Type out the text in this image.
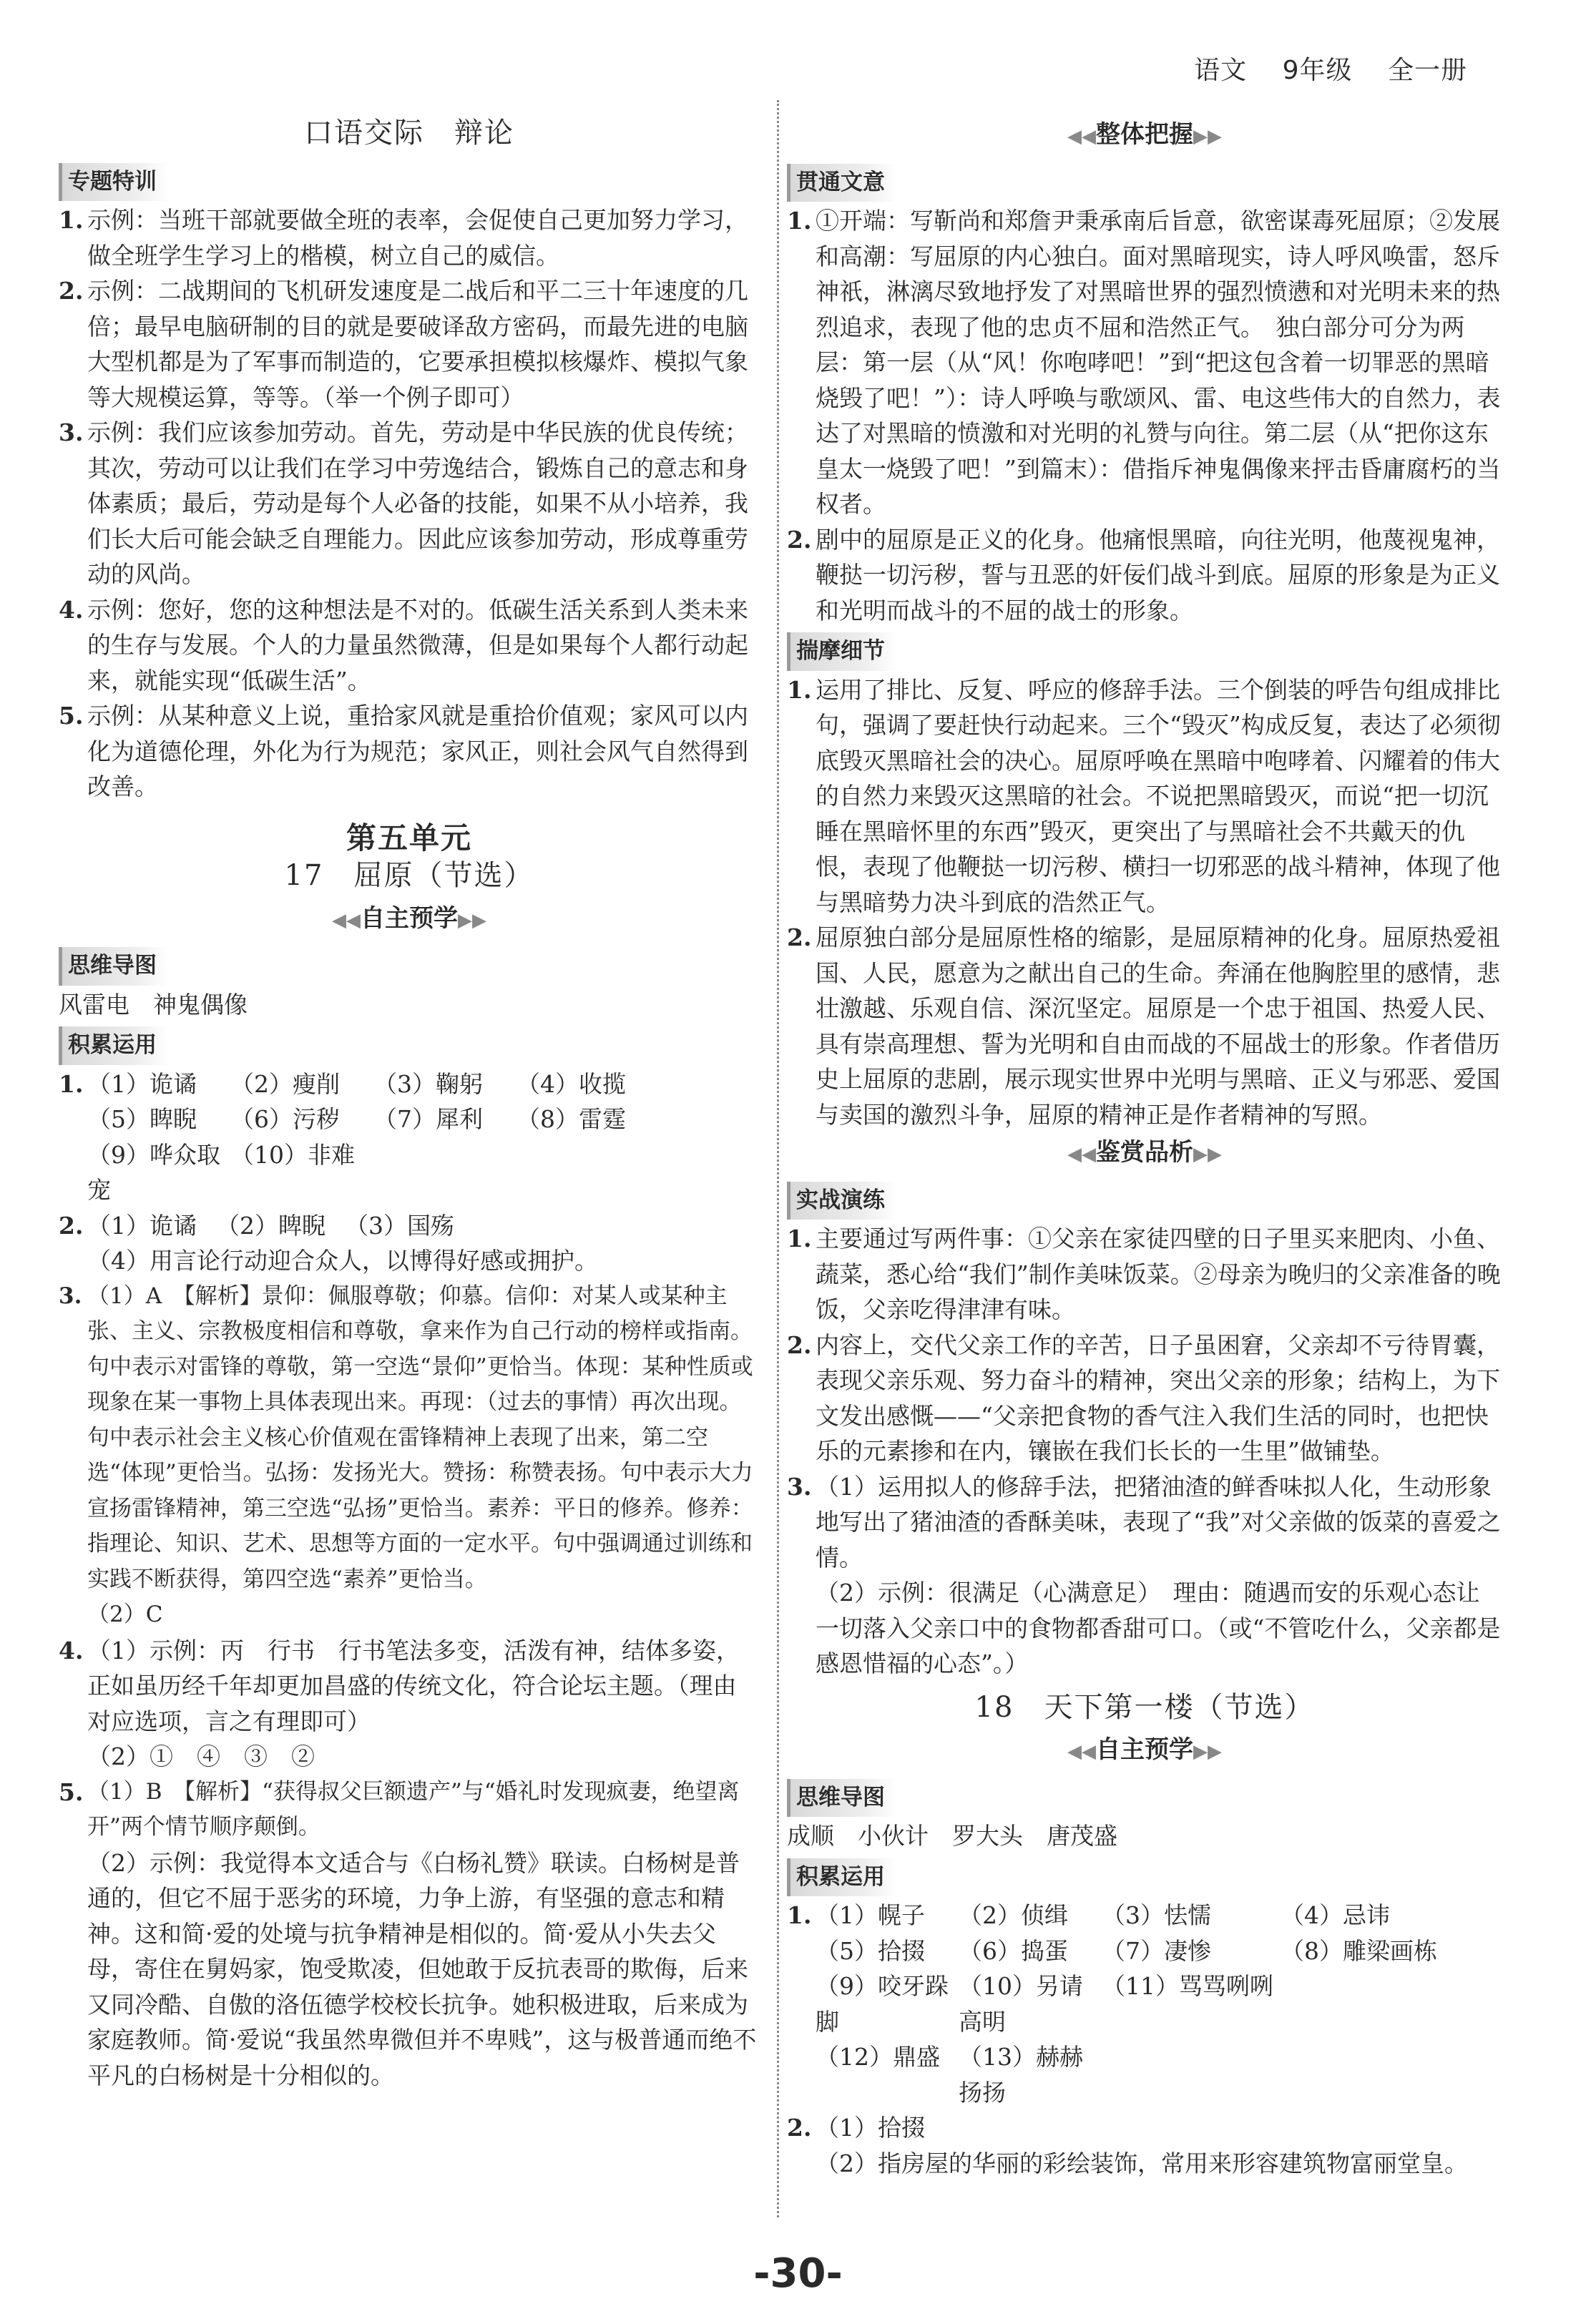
语文　 9年级　 全一册
口语交际　辩论
专题特训
1. 示例：当班干部就要做全班的表率，会促使自己更加努力学习，做全班学生学习上的楷模，树立自己的威信。

2. 示例：二战期间的飞机研发速度是二战后和平二三十年速度的几倍；最早电脑研制的目的就是要破译敌方密码，而最先进的电脑大型机都是为了军事而制造的，它要承担模拟核爆炸、模拟气象等大规模运算，等等。（举一个例子即可）

3. 示例：我们应该参加劳动。首先，劳动是中华民族的优良传统；其次，劳动可以让我们在学习中劳逸结合，锻炼自己的意志和身体素质；最后，劳动是每个人必备的技能，如果不从小培养，我们长大后可能会缺乏自理能力。因此应该参加劳动，形成尊重劳动的风尚。

4. 示例：您好，您的这种想法是不对的。低碳生活关系到人类未来的生存与发展。个人的力量虽然微薄，但是如果每个人都行动起来，就能实现“低碳生活”。

5. 示例：从某种意义上说，重拾家风就是重拾价值观；家风可以内化为道德伦理，外化为行为规范；家风正，则社会风气自然得到改善。

第五单元
17　屈原（节选）
◀◀自主预学▶▶
思维导图

风雷电　神鬼偶像

积累运用
1. （1）诡谲	（2）瘦削	（3）鞠躬	（4）收揽
（5）睥睨	（6）污秽	（7）犀利	（8）雷霆
（9）哗众取宠
（10）非难
2. （1）诡谲 （2）睥睨 （3）国殇

（4）用言论行动迎合众人，以博得好感或拥护。

3. （1）A　【解析】景仰：佩服尊敬；仰慕。信仰：对某人或某种主张、主义、宗教极度相信和尊敬，拿来作为自己行动的榜样或指南。句中表示对雷锋的尊敬，第一空选“景仰”更恰当。体现：某种性质或现象在某一事物上具体表现出来。再现：（过去的事情）再次出现。句中表示社会主义核心价值观在雷锋精神上表现了出来，第二空选“体现”更恰当。弘扬：发扬光大。赞扬：称赞表扬。句中表示大力宣扬雷锋精神，第三空选“弘扬”更恰当。素养：平日的修养。修养：指理论、知识、艺术、思想等方面的一定水平。句中强调通过训练和实践不断获得，第四空选“素养”更恰当。

（2）C

4. （1）示例：丙　行书　行书笔法多变，活泼有神，结体多姿，正如虽历经千年却更加昌盛的传统文化，符合论坛主题。（理由对应选项，言之有理即可）

（2）①　④　③　②

5. （1）B　【解析】“获得叔父巨额遗产”与“婚礼时发现疯妻，绝望离开”两个情节顺序颠倒。

（2）示例：我觉得本文适合与《白杨礼赞》联读。白杨树是普通的，但它不屈于恶劣的环境，力争上游，有坚强的意志和精神。这和简·爱的处境与抗争精神是相似的。简·爱从小失去父母，寄住在舅妈家，饱受欺凌，但她敢于反抗表哥的欺侮，后来又同冷酷、自傲的洛伍德学校校长抗争。她积极进取，后来成为家庭教师。简·爱说“我虽然卑微但并不卑贱”，这与极普通而绝不平凡的白杨树是十分相似的。

◀◀整体把握▶▶
贯通文意
1. ①开端：写靳尚和郑詹尹秉承南后旨意，欲密谋毒死屈原；②发展和高潮：写屈原的内心独白。面对黑暗现实，诗人呼风唤雷，怒斥神祇，淋漓尽致地抒发了对黑暗世界的强烈愤懑和对光明未来的热烈追求，表现了他的忠贞不屈和浩然正气。　独白部分可分为两层：第一层（从“风！你咆哮吧！”到“把这包含着一切罪恶的黑暗烧毁了吧！”）：诗人呼唤与歌颂风、雷、电这些伟大的自然力，表达了对黑暗的愤激和对光明的礼赞与向往。第二层（从“把你这东皇太一烧毁了吧！”到篇末）：借指斥神鬼偶像来抨击昏庸腐朽的当权者。

2. 剧中的屈原是正义的化身。他痛恨黑暗，向往光明，他蔑视鬼神，鞭挞一切污秽，誓与丑恶的奸佞们战斗到底。屈原的形象是为正义和光明而战斗的不屈的战士的形象。

揣摩细节
1. 运用了排比、反复、呼应的修辞手法。三个倒装的呼告句组成排比句，强调了要赶快行动起来。三个“毁灭”构成反复，表达了必须彻底毁灭黑暗社会的决心。屈原呼唤在黑暗中咆哮着、闪耀着的伟大的自然力来毁灭这黑暗的社会。不说把黑暗毁灭，而说“把一切沉睡在黑暗怀里的东西”毁灭，更突出了与黑暗社会不共戴天的仇恨，表现了他鞭挞一切污秽、横扫一切邪恶的战斗精神，体现了他与黑暗势力决斗到底的浩然正气。

2. 屈原独白部分是屈原性格的缩影，是屈原精神的化身。屈原热爱祖国、人民，愿意为之献出自己的生命。奔涌在他胸腔里的感情，悲壮激越、乐观自信、深沉坚定。屈原是一个忠于祖国、热爱人民、具有崇高理想、誓为光明和自由而战的不屈战士的形象。作者借历史上屈原的悲剧，展示现实世界中光明与黑暗、正义与邪恶、爱国与卖国的激烈斗争，屈原的精神正是作者精神的写照。

◀◀鉴赏品析▶▶
实战演练
1. 主要通过写两件事：①父亲在家徒四壁的日子里买来肥肉、小鱼、蔬菜，悉心给“我们”制作美味饭菜。②母亲为晚归的父亲准备的晚饭，父亲吃得津津有味。

2. 内容上，交代父亲工作的辛苦，日子虽困窘，父亲却不亏待胃囊，表现父亲乐观、努力奋斗的精神，突出父亲的形象；结构上，为下文发出感慨——“父亲把食物的香气注入我们生活的同时，也把快乐的元素掺和在内，镶嵌在我们长长的一生里”做铺垫。

3. （1）运用拟人的修辞手法，把猪油渣的鲜香味拟人化，生动形象地写出了猪油渣的香酥美味，表现了“我”对父亲做的饭菜的喜爱之情。

（2）示例：很满足（心满意足）　理由：随遇而安的乐观心态让一切落入父亲口中的食物都香甜可口。（或“不管吃什么，父亲都是感恩惜福的心态”。）

18　天下第一楼（节选）
◀◀自主预学▶▶
思维导图

成顺　小伙计　罗大头　唐茂盛

积累运用
1. （1）幌子	（2）侦缉	（3）怯懦	（4）忌讳
（5）拾掇	（6）捣蛋	（7）凄惨	（8）雕梁画栋
（9）咬牙跺脚
（10）另请高明
（11）骂骂咧咧
（12）鼎盛 （13）赫赫扬扬
2. （1）拾掇

（2）指房屋的华丽的彩绘装饰，常用来形容建筑物富丽堂皇。

-30-
